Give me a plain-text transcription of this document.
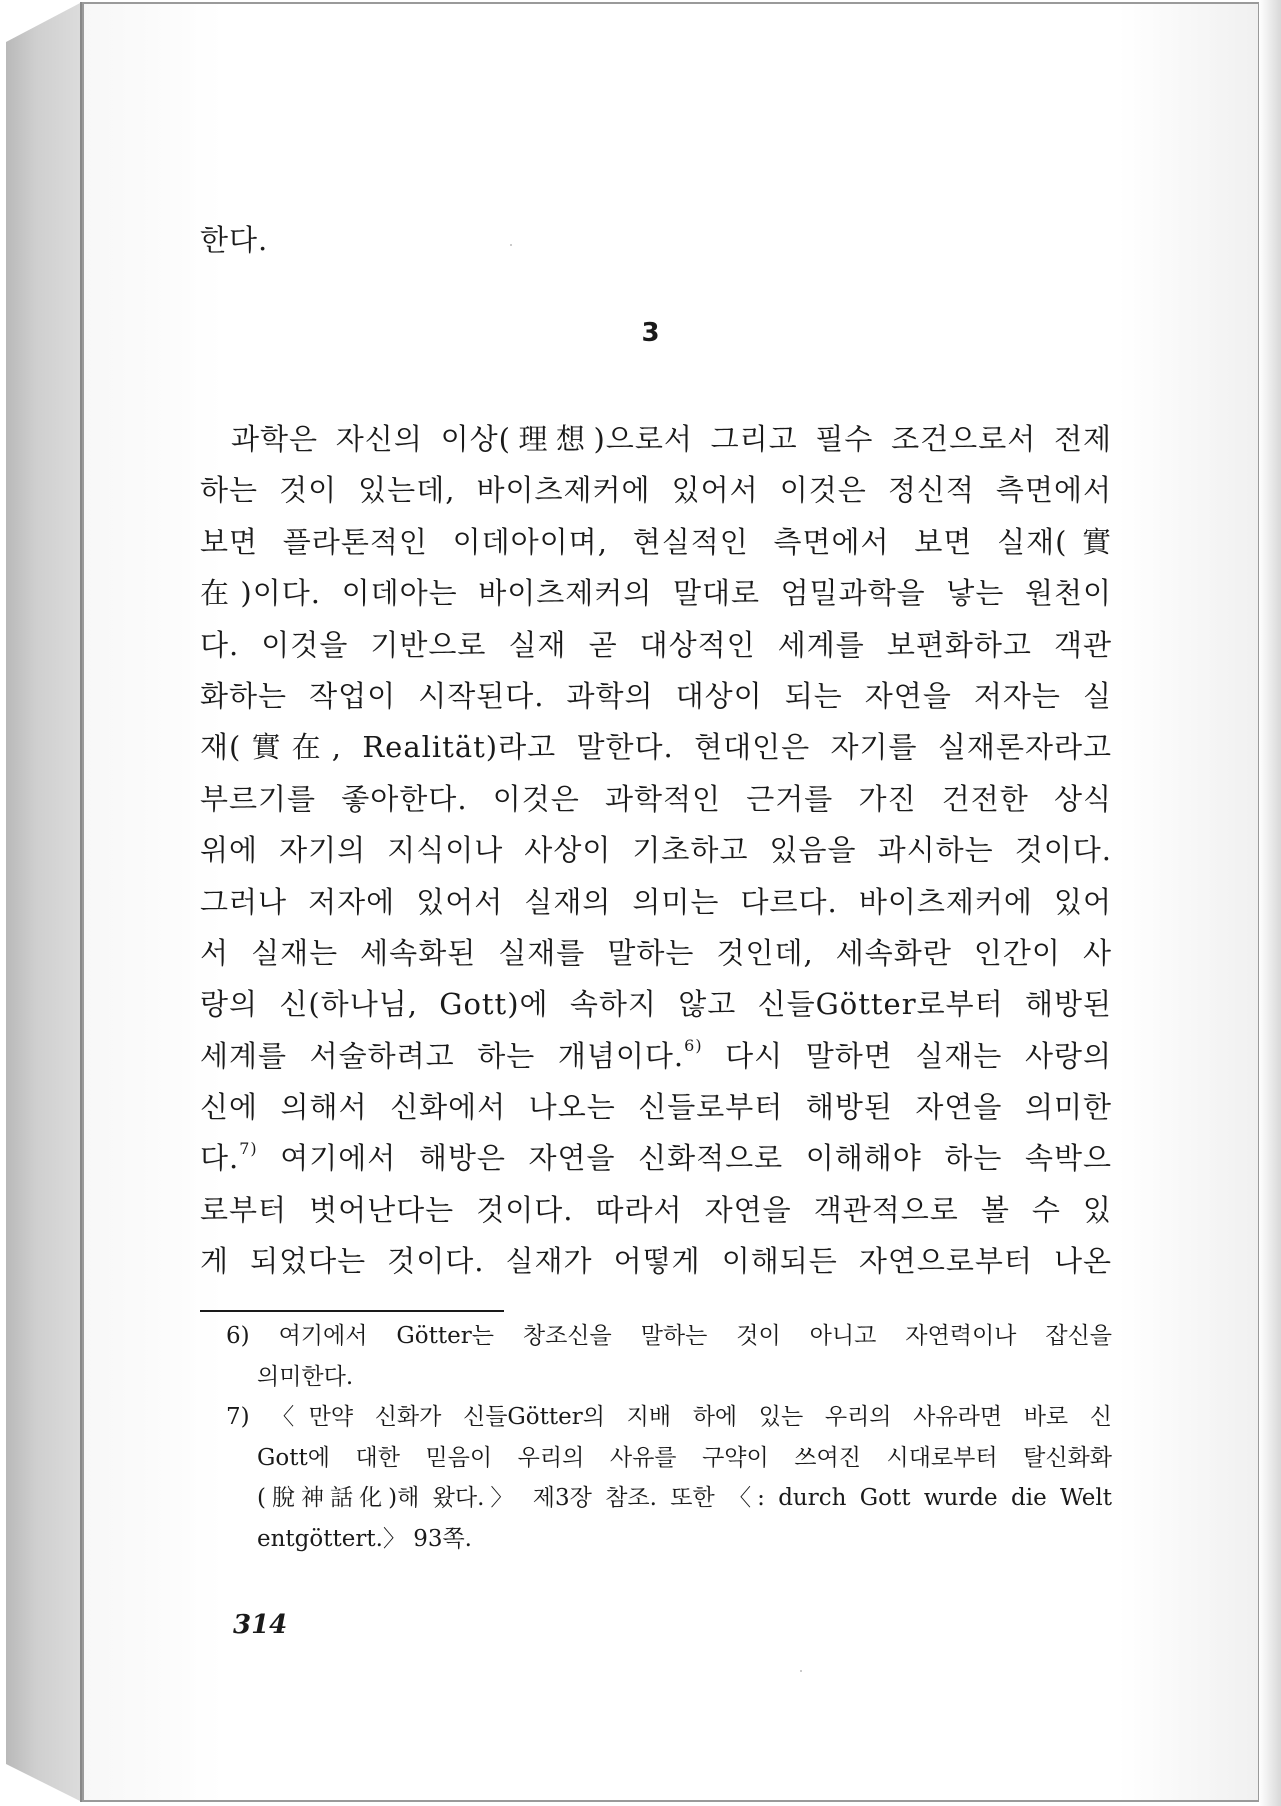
한다.
3
과학은 자신의 이상(理想)으로서 그리고 필수 조건으로서 전제
하는 것이 있는데, 바이츠제커에 있어서 이것은 정신적 측면에서
보면 플라톤적인 이데아이며, 현실적인 측면에서 보면 실재(實
在)이다. 이데아는 바이츠제커의 말대로 엄밀과학을 낳는 원천이
다. 이것을 기반으로 실재 곧 대상적인 세계를 보편화하고 객관
화하는 작업이 시작된다. 과학의 대상이 되는 자연을 저자는 실
재(實在, Realität)라고 말한다. 현대인은 자기를 실재론자라고
부르기를 좋아한다. 이것은 과학적인 근거를 가진 건전한 상식
위에 자기의 지식이나 사상이 기초하고 있음을 과시하는 것이다.
그러나 저자에 있어서 실재의 의미는 다르다. 바이츠제커에 있어
서 실재는 세속화된 실재를 말하는 것인데, 세속화란 인간이 사
랑의 신(하나님, Gott)에 속하지 않고 신들Götter로부터 해방된
세계를 서술하려고 하는 개념이다.$^{6)}$ 다시 말하면 실재는 사랑의
신에 의해서 신화에서 나오는 신들로부터 해방된 자연을 의미한
다.$^{7)}$ 여기에서 해방은 자연을 신화적으로 이해해야 하는 속박으
로부터 벗어난다는 것이다. 따라서 자연을 객관적으로 볼 수 있
게 되었다는 것이다. 실재가 어떻게 이해되든 자연으로부터 나온
6) 여기에서 Götter는 창조신을 말하는 것이 아니고 자연력이나 잡신을
의미한다.
7) 〈만약 신화가 신들Götter의 지배 하에 있는 우리의 사유라면 바로 신
Gott에 대한 믿음이 우리의 사유를 구약이 쓰여진 시대로부터 탈신화화
(脫神話化)해 왔다.〉 제3장 참조. 또한 〈: durch Gott wurde die Welt
entgöttert.〉 93쪽.
314
